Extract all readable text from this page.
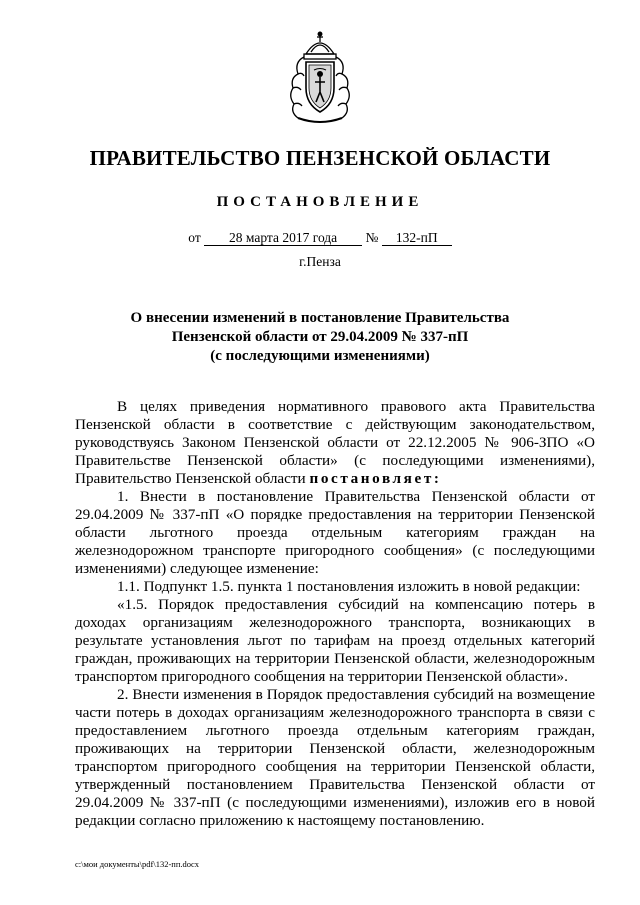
ПРАВИТЕЛЬСТВО ПЕНЗЕНСКОЙ ОБЛАСТИ
ПОСТАНОВЛЕНИЕ
от 28 марта 2017 года № 132-пП
г.Пенза
О внесении изменений в постановление Правительства
Пензенской области от 29.04.2009 № 337-пП
(с последующими изменениями)

В целях приведения нормативного правового акта Правительства Пензенской области в соответствие с действующим законодательством, руководствуясь Законом Пензенской области от 22.12.2005 № 906-ЗПО «О Правительстве Пензенской области» (с последующими изменениями), Правительство Пензенской области постановляет:

1. Внести в постановление Правительства Пензенской области от 29.04.2009 № 337-пП «О порядке предоставления на территории Пензенской области льготного проезда отдельным категориям граждан на железнодорожном транспорте пригородного сообщения» (с последующими изменениями) следующее изменение:

1.1. Подпункт 1.5. пункта 1 постановления изложить в новой редакции:

«1.5. Порядок предоставления субсидий на компенсацию потерь в доходах организациям железнодорожного транспорта, возникающих в результате установления льгот по тарифам на проезд отдельных категорий граждан, проживающих на территории Пензенской области, железнодорожным транспортом пригородного сообщения на территории Пензенской области».

2. Внести изменения в Порядок предоставления субсидий на возмещение части потерь в доходах организациям железнодорожного транспорта в связи с предоставлением льготного проезда отдельным категориям граждан, проживающих на территории Пензенской области, железнодорожным транспортом пригородного сообщения на территории Пензенской области, утвержденный постановлением Правительства Пензенской области от 29.04.2009 № 337-пП (с последующими изменениями), изложив его в новой редакции согласно приложению к настоящему постановлению.

c:\мои документы\pdf\132-пп.docx
